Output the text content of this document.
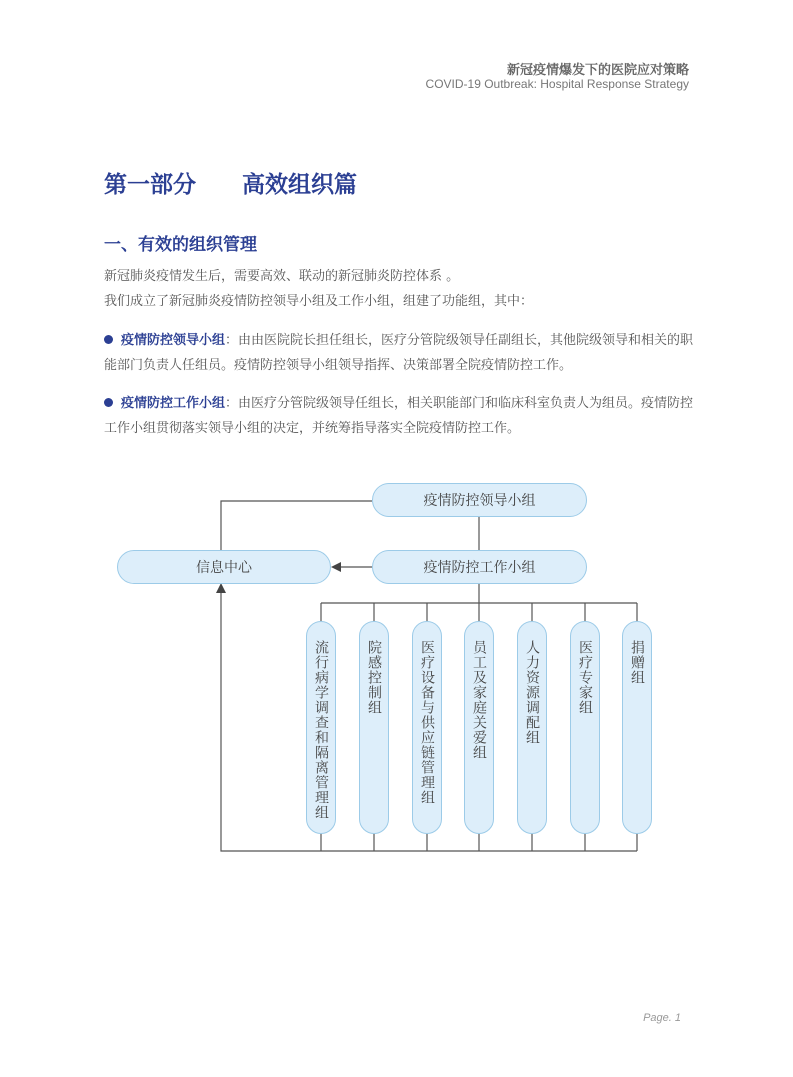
新冠疫情爆发下的医院应对策略
COVID-19 Outbreak: Hospital Response Strategy
第一部分　　高效组织篇
一、有效的组织管理
新冠肺炎疫情发生后，需要高效、联动的新冠肺炎防控体系 。
我们成立了新冠肺炎疫情防控领导小组及工作小组，组建了功能组，其中：
疫情防控领导小组：由由医院院长担任组长，医疗分管院级领导任副组长，其他院级领导和相关的职能部门负责人任组员。疫情防控领导小组领导指挥、决策部署全院疫情防控工作。
疫情防控工作小组：由医疗分管院级领导任组长，相关职能部门和临床科室负责人为组员。疫情防控工作小组贯彻落实领导小组的决定，并统筹指导落实全院疫情防控工作。
疫情防控领导小组
疫情防控工作小组
信息中心
流行病学调查和隔离管理组	院感控制组	医疗设备与供应链管理组	员工及家庭关爱组	人力资源调配组	医疗专家组	捐赠组
Page. 1
